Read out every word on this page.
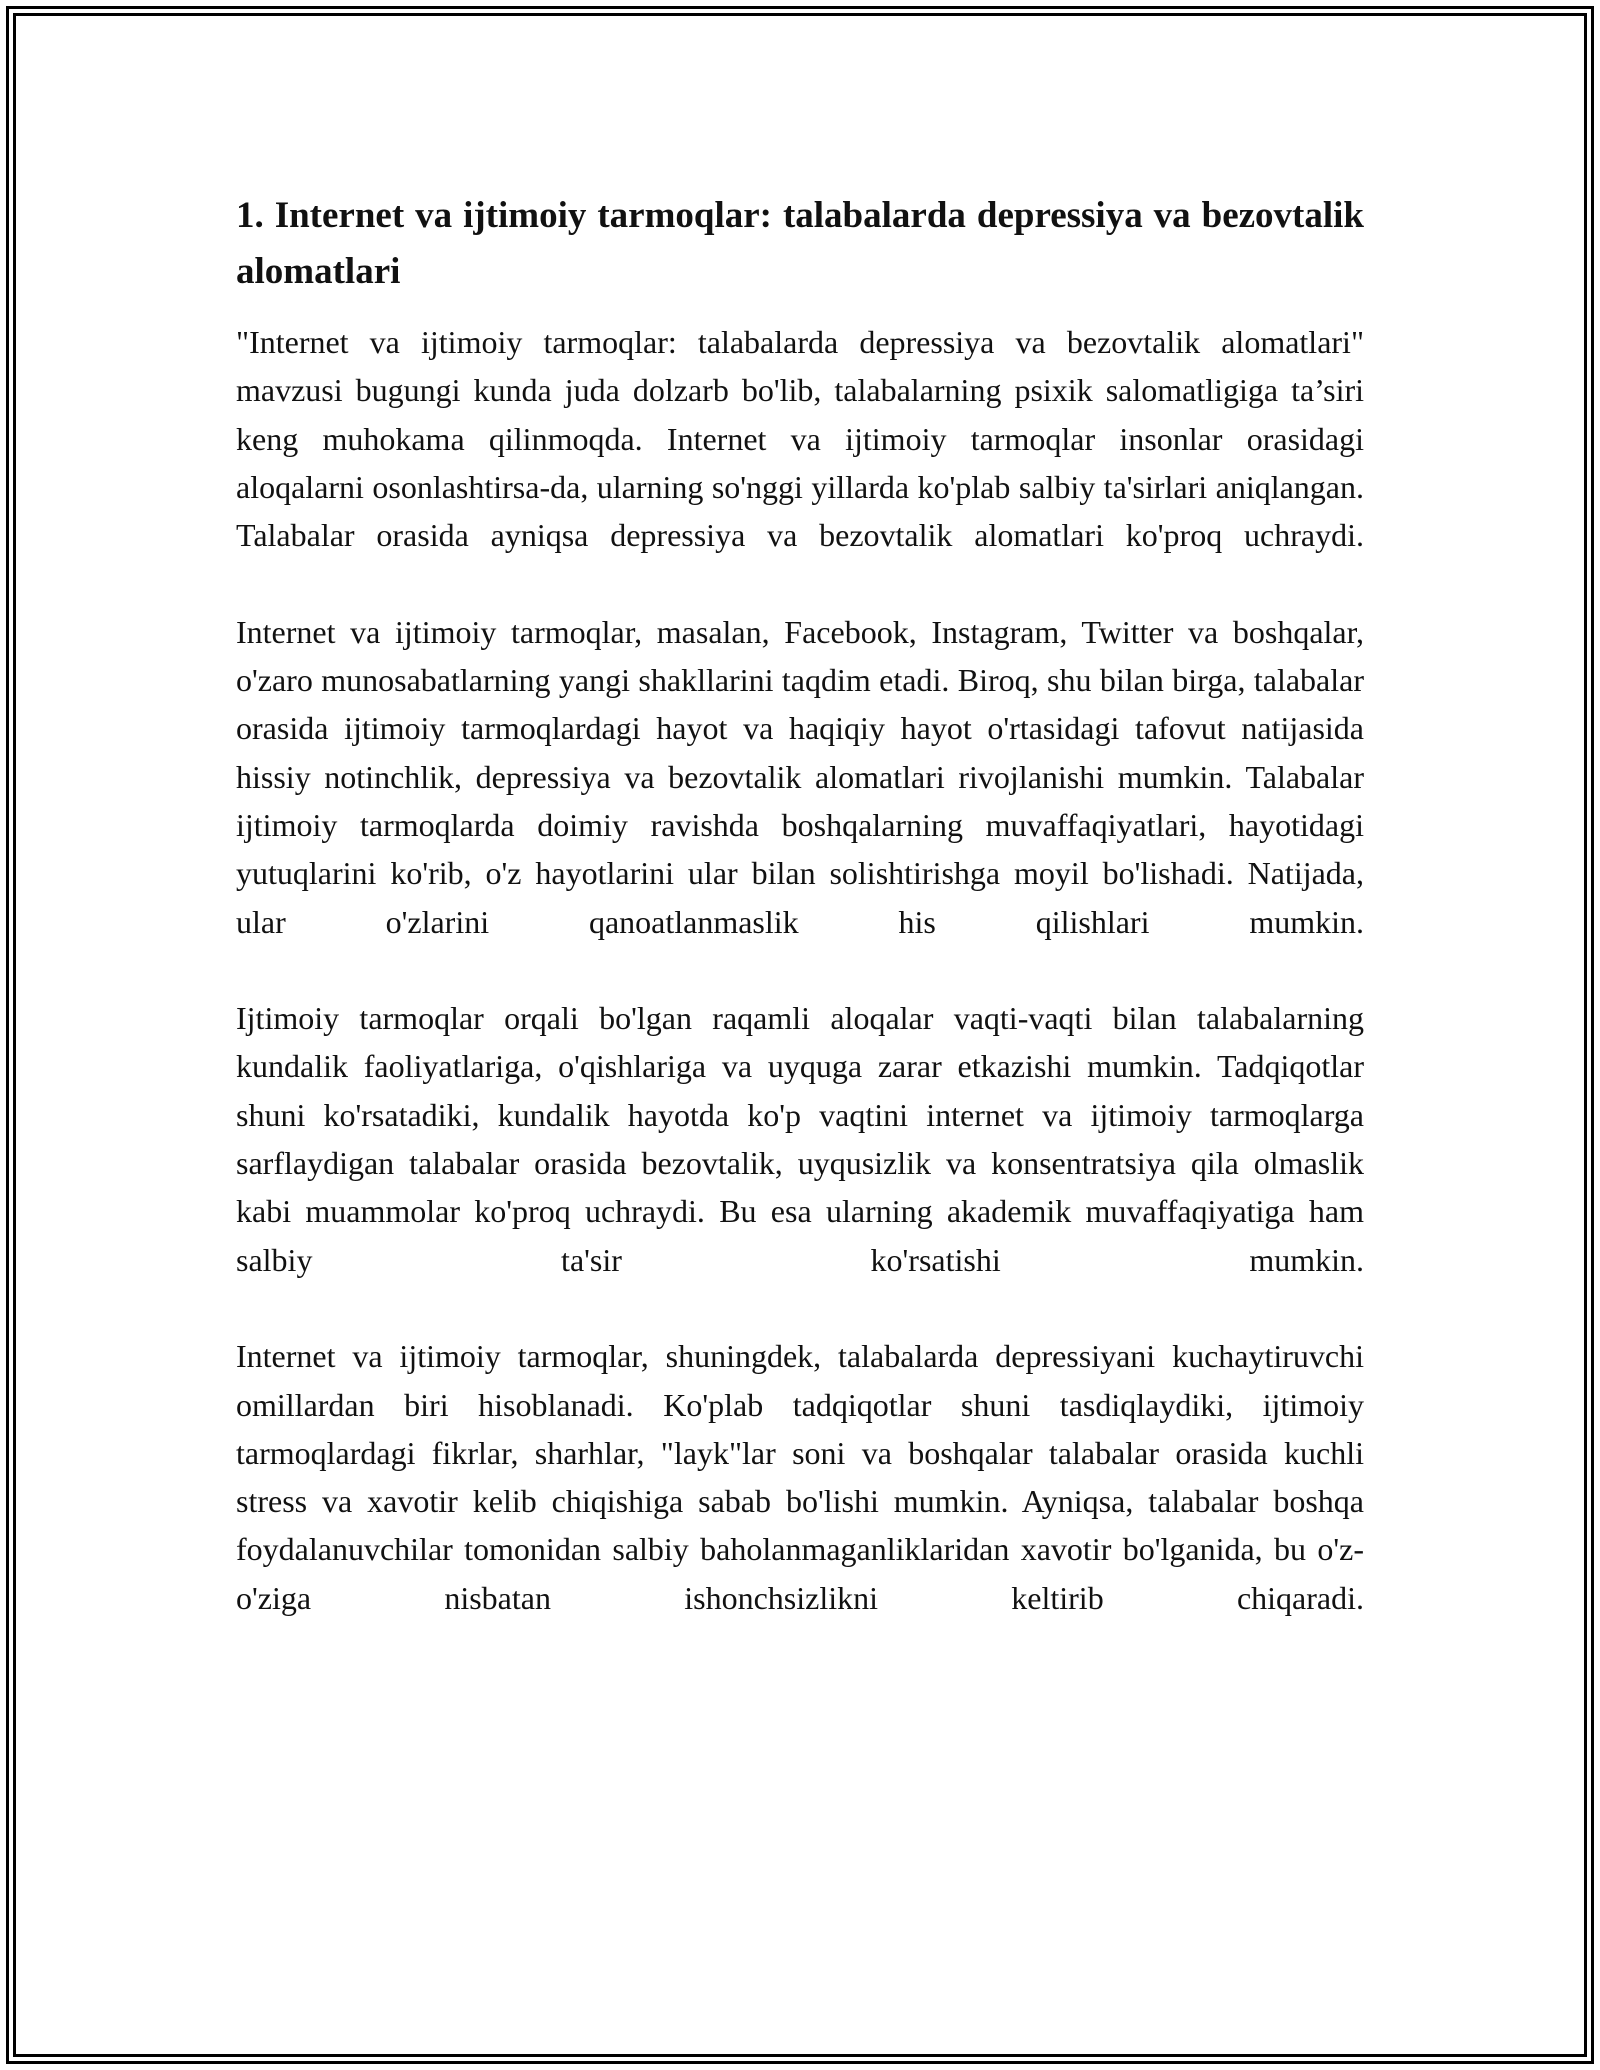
1. Internet va ijtimoiy tarmoqlar: talabalarda depressiya va bezovtalik alomatlari

"Internet va ijtimoiy tarmoqlar: talabalarda depressiya va bezovtalik alomatlari" mavzusi bugungi kunda juda dolzarb bo'lib, talabalarning psixik salomatligiga ta’siri keng muhokama qilinmoqda. Internet va ijtimoiy tarmoqlar insonlar orasidagi aloqalarni osonlashtirsa-da, ularning so'nggi yillarda ko'plab salbiy ta'sirlari aniqlangan. Talabalar orasida ayniqsa depressiya va bezovtalik alomatlari ko'proq uchraydi.

Internet va ijtimoiy tarmoqlar, masalan, Facebook, Instagram, Twitter va boshqalar, o'zaro munosabatlarning yangi shakllarini taqdim etadi. Biroq, shu bilan birga, talabalar orasida ijtimoiy tarmoqlardagi hayot va haqiqiy hayot o'rtasidagi tafovut natijasida hissiy notinchlik, depressiya va bezovtalik alomatlari rivojlanishi mumkin. Talabalar ijtimoiy tarmoqlarda doimiy ravishda boshqalarning muvaffaqiyatlari, hayotidagi yutuqlarini ko'rib, o'z hayotlarini ular bilan solishtirishga moyil bo'lishadi. Natijada, ular o'zlarini qanoatlanmaslik his qilishlari mumkin.

Ijtimoiy tarmoqlar orqali bo'lgan raqamli aloqalar vaqti-vaqti bilan talabalarning kundalik faoliyatlariga, o'qishlariga va uyquga zarar etkazishi mumkin. Tadqiqotlar shuni ko'rsatadiki, kundalik hayotda ko'p vaqtini internet va ijtimoiy tarmoqlarga sarflaydigan talabalar orasida bezovtalik, uyqusizlik va konsentratsiya qila olmaslik kabi muammolar ko'proq uchraydi. Bu esa ularning akademik muvaffaqiyatiga ham salbiy ta'sir ko'rsatishi mumkin.

Internet va ijtimoiy tarmoqlar, shuningdek, talabalarda depressiyani kuchaytiruvchi omillardan biri hisoblanadi. Ko'plab tadqiqotlar shuni tasdiqlaydiki, ijtimoiy tarmoqlardagi fikrlar, sharhlar, "layk"lar soni va boshqalar talabalar orasida kuchli stress va xavotir kelib chiqishiga sabab bo'lishi mumkin. Ayniqsa, talabalar boshqa foydalanuvchilar tomonidan salbiy baholanmaganliklaridan xavotir bo'lganida, bu o'z-o'ziga nisbatan ishonchsizlikni keltirib chiqaradi.
